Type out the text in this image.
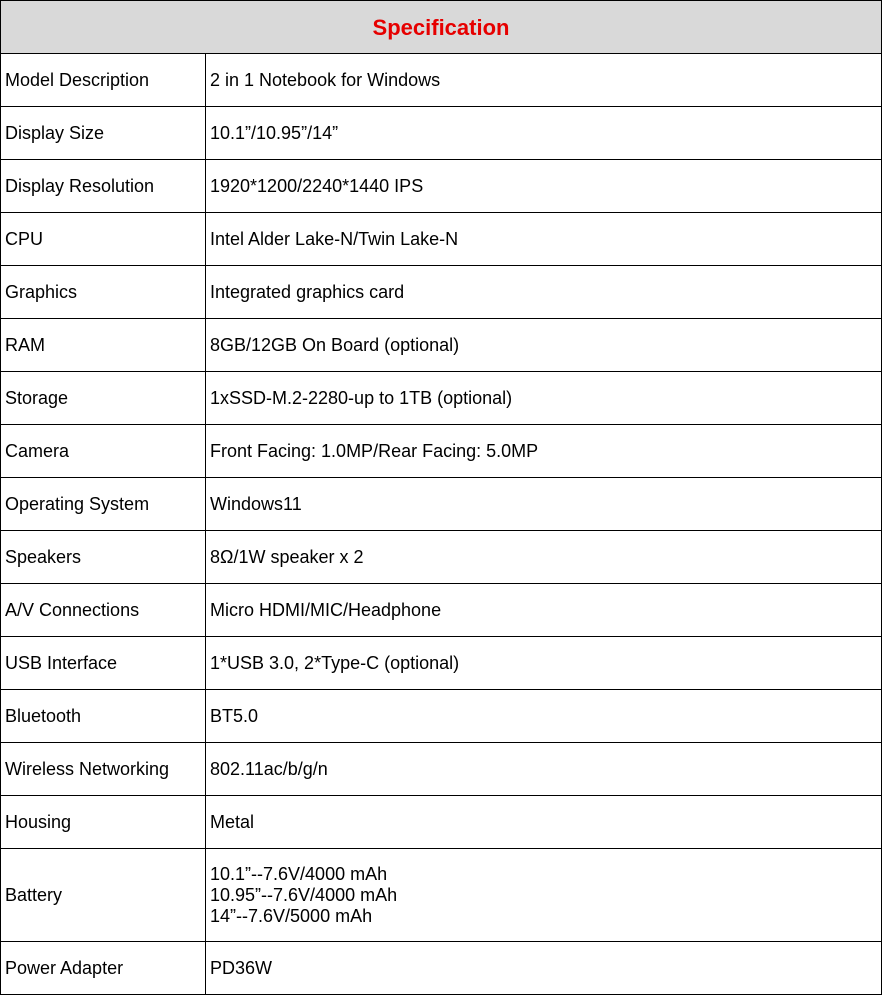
Specification	
Model Description	2 in 1 Notebook for Windows

Display Size	10.1”/10.95”/14”

Display Resolution	1920*1200/2240*1440 IPS

CPU	Intel Alder Lake-N/Twin Lake-N

Graphics	Integrated graphics card

RAM	8GB/12GB On Board (optional)

Storage	1xSSD-M.2-2280-up to 1TB (optional)

Camera	Front Facing: 1.0MP/Rear Facing: 5.0MP

Operating System	Windows11

Speakers	8Ω/1W speaker x 2

A/V Connections	Micro HDMI/MIC/Headphone

USB Interface	1*USB 3.0, 2*Type-C (optional)

Bluetooth	BT5.0

Wireless Networking	802.11ac/b/g/n

Housing	Metal

Battery	10.1”--7.6V/4000 mAh
10.95”--7.6V/4000 mAh
14”--7.6V/5000 mAh

Power Adapter	PD36W
